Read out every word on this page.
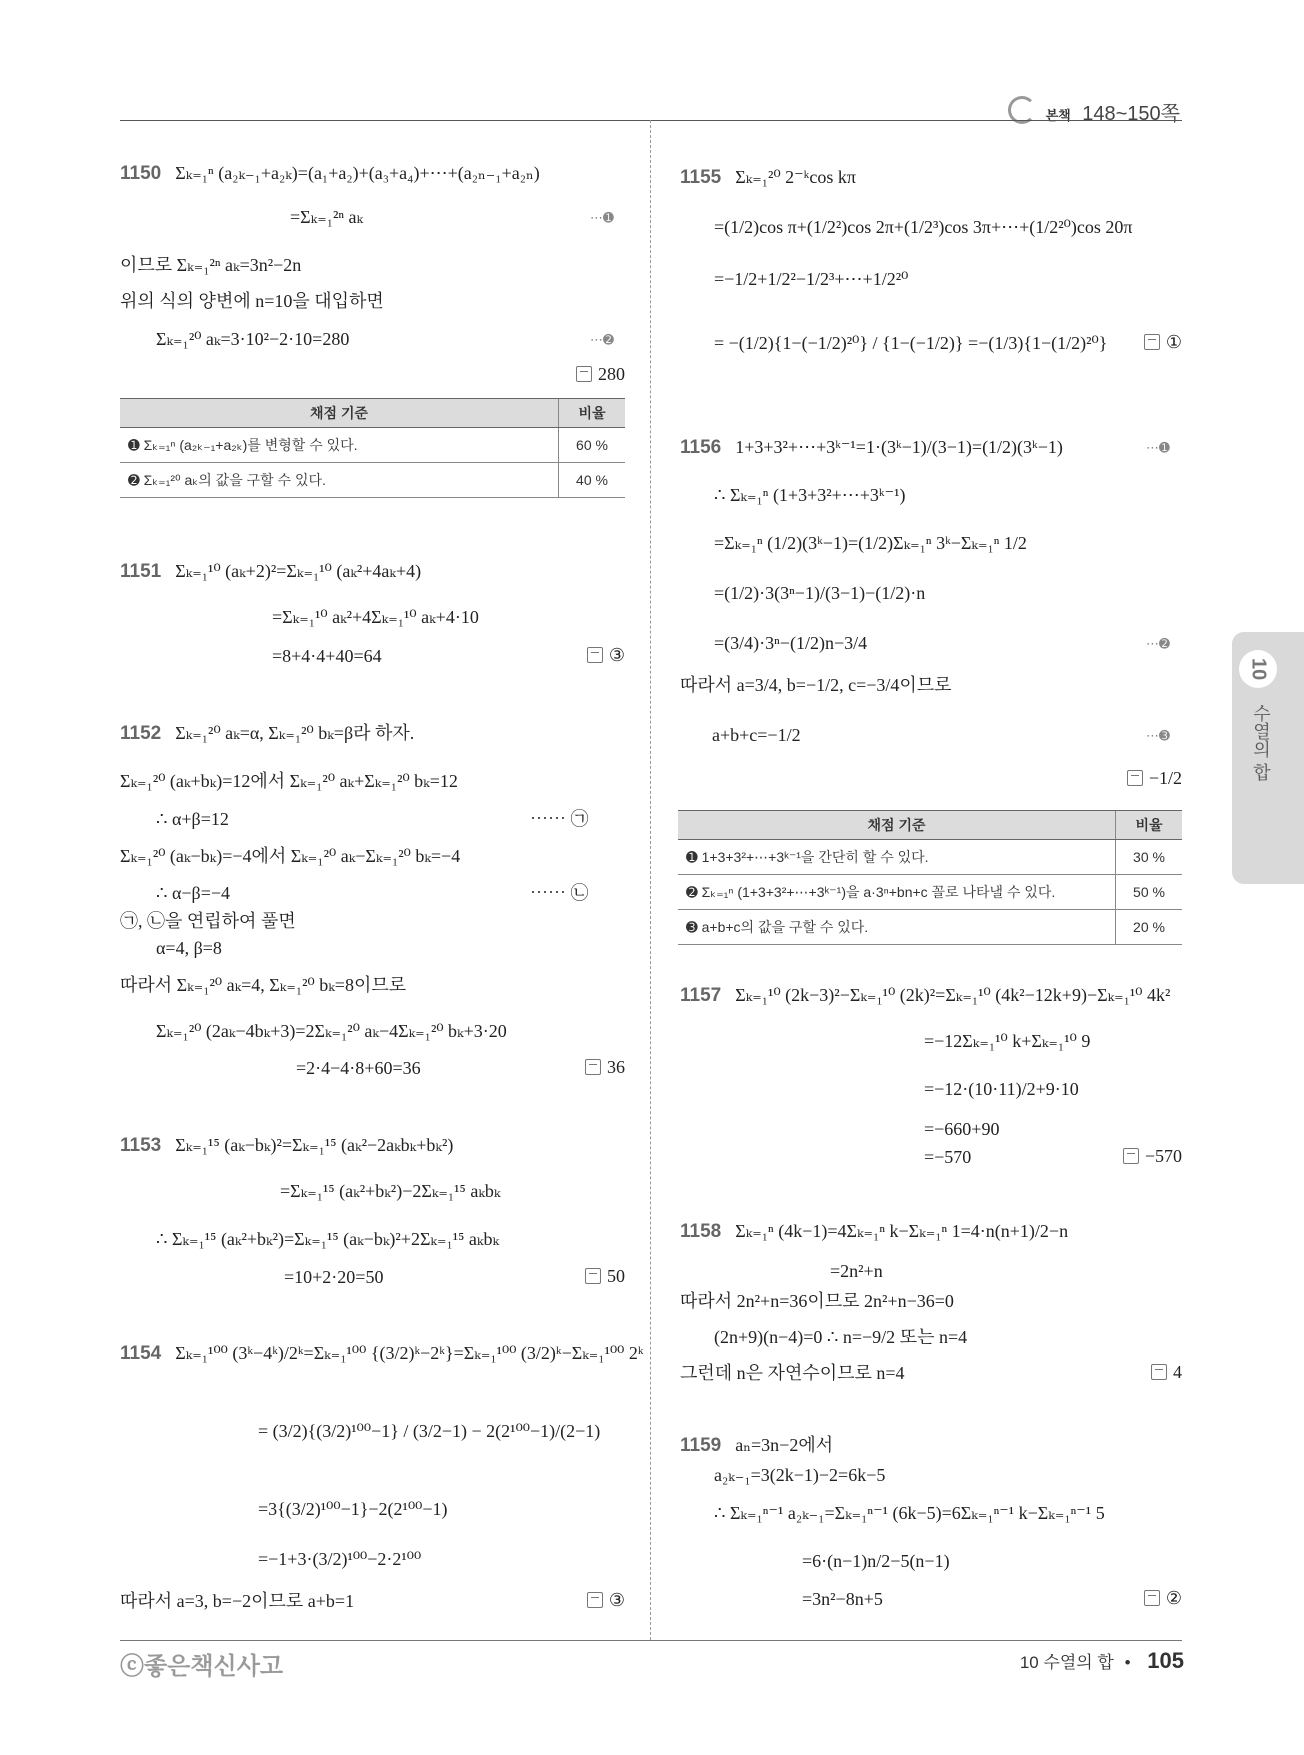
본책 148~150쪽
10
수열의 합
1150 Σₖ₌₁ⁿ (a₂ₖ₋₁+a₂ₖ)=(a₁+a₂)+(a₃+a₄)+⋯+(a₂ₙ₋₁+a₂ₙ)
=Σₖ₌₁²ⁿ aₖ	⋯➊
이므로 Σₖ₌₁²ⁿ aₖ=3n²−2n
위의 식의 양변에 n=10을 대입하면
Σₖ₌₁²⁰ aₖ=3·10²−2·10=280	⋯➋
280
채점 기준	비율
➊ Σₖ₌₁ⁿ (a₂ₖ₋₁+a₂ₖ)를 변형할 수 있다.	60 %
➋ Σₖ₌₁²⁰ aₖ의 값을 구할 수 있다.	40 %
1151 Σₖ₌₁¹⁰ (aₖ+2)²=Σₖ₌₁¹⁰ (aₖ²+4aₖ+4)
=Σₖ₌₁¹⁰ aₖ²+4Σₖ₌₁¹⁰ aₖ+4·10
=8+4·4+40=64	③
1152 Σₖ₌₁²⁰ aₖ=α, Σₖ₌₁²⁰ bₖ=β라 하자.
Σₖ₌₁²⁰ (aₖ+bₖ)=12에서 Σₖ₌₁²⁰ aₖ+Σₖ₌₁²⁰ bₖ=12
∴ α+β=12	⋯⋯ ㉠
Σₖ₌₁²⁰ (aₖ−bₖ)=−4에서 Σₖ₌₁²⁰ aₖ−Σₖ₌₁²⁰ bₖ=−4
∴ α−β=−4	⋯⋯ ㉡
㉠, ㉡을 연립하여 풀면
α=4, β=8
따라서 Σₖ₌₁²⁰ aₖ=4, Σₖ₌₁²⁰ bₖ=8이므로
Σₖ₌₁²⁰ (2aₖ−4bₖ+3)=2Σₖ₌₁²⁰ aₖ−4Σₖ₌₁²⁰ bₖ+3·20
=2·4−4·8+60=36	36
1153 Σₖ₌₁¹⁵ (aₖ−bₖ)²=Σₖ₌₁¹⁵ (aₖ²−2aₖbₖ+bₖ²)
=Σₖ₌₁¹⁵ (aₖ²+bₖ²)−2Σₖ₌₁¹⁵ aₖbₖ
∴ Σₖ₌₁¹⁵ (aₖ²+bₖ²)=Σₖ₌₁¹⁵ (aₖ−bₖ)²+2Σₖ₌₁¹⁵ aₖbₖ
=10+2·20=50	50
1154 Σₖ₌₁¹⁰⁰ (3ᵏ−4ᵏ)/2ᵏ=Σₖ₌₁¹⁰⁰ {(3/2)ᵏ−2ᵏ}=Σₖ₌₁¹⁰⁰ (3/2)ᵏ−Σₖ₌₁¹⁰⁰ 2ᵏ
= (3/2){(3/2)¹⁰⁰−1} / (3/2−1) − 2(2¹⁰⁰−1)/(2−1)
=3{(3/2)¹⁰⁰−1}−2(2¹⁰⁰−1)
=−1+3·(3/2)¹⁰⁰−2·2¹⁰⁰
따라서 a=3, b=−2이므로 a+b=1	③
1155 Σₖ₌₁²⁰ 2⁻ᵏcos kπ
=(1/2)cos π+(1/2²)cos 2π+(1/2³)cos 3π+⋯+(1/2²⁰)cos 20π
=−1/2+1/2²−1/2³+⋯+1/2²⁰
= −(1/2){1−(−1/2)²⁰} / {1−(−1/2)} =−(1/3){1−(1/2)²⁰}	①
1156 1+3+3²+⋯+3ᵏ⁻¹=1·(3ᵏ−1)/(3−1)=(1/2)(3ᵏ−1)	⋯➊
∴ Σₖ₌₁ⁿ (1+3+3²+⋯+3ᵏ⁻¹)
=Σₖ₌₁ⁿ (1/2)(3ᵏ−1)=(1/2)Σₖ₌₁ⁿ 3ᵏ−Σₖ₌₁ⁿ 1/2
=(1/2)·3(3ⁿ−1)/(3−1)−(1/2)·n
=(3/4)·3ⁿ−(1/2)n−3/4	⋯➋
따라서 a=3/4, b=−1/2, c=−3/4이므로
a+b+c=−1/2	⋯➌
−1/2
채점 기준	비율
➊ 1+3+3²+⋯+3ᵏ⁻¹을 간단히 할 수 있다.	30 %
➋ Σₖ₌₁ⁿ (1+3+3²+⋯+3ᵏ⁻¹)을 a·3ⁿ+bn+c 꼴로 나타낼 수 있다.	50 %
➌ a+b+c의 값을 구할 수 있다.	20 %
1157 Σₖ₌₁¹⁰ (2k−3)²−Σₖ₌₁¹⁰ (2k)²=Σₖ₌₁¹⁰ (4k²−12k+9)−Σₖ₌₁¹⁰ 4k²
=−12Σₖ₌₁¹⁰ k+Σₖ₌₁¹⁰ 9
=−12·(10·11)/2+9·10
=−660+90
=−570	−570
1158 Σₖ₌₁ⁿ (4k−1)=4Σₖ₌₁ⁿ k−Σₖ₌₁ⁿ 1=4·n(n+1)/2−n
=2n²+n
따라서 2n²+n=36이므로 2n²+n−36=0
(2n+9)(n−4)=0 ∴ n=−9/2 또는 n=4
그런데 n은 자연수이므로 n=4	4
1159 aₙ=3n−2에서
a₂ₖ₋₁=3(2k−1)−2=6k−5
∴ Σₖ₌₁ⁿ⁻¹ a₂ₖ₋₁=Σₖ₌₁ⁿ⁻¹ (6k−5)=6Σₖ₌₁ⁿ⁻¹ k−Σₖ₌₁ⁿ⁻¹ 5
=6·(n−1)n/2−5(n−1)
=3n²−8n+5	②
ⓒ좋은책신사고	10 수열의 합 • 105
